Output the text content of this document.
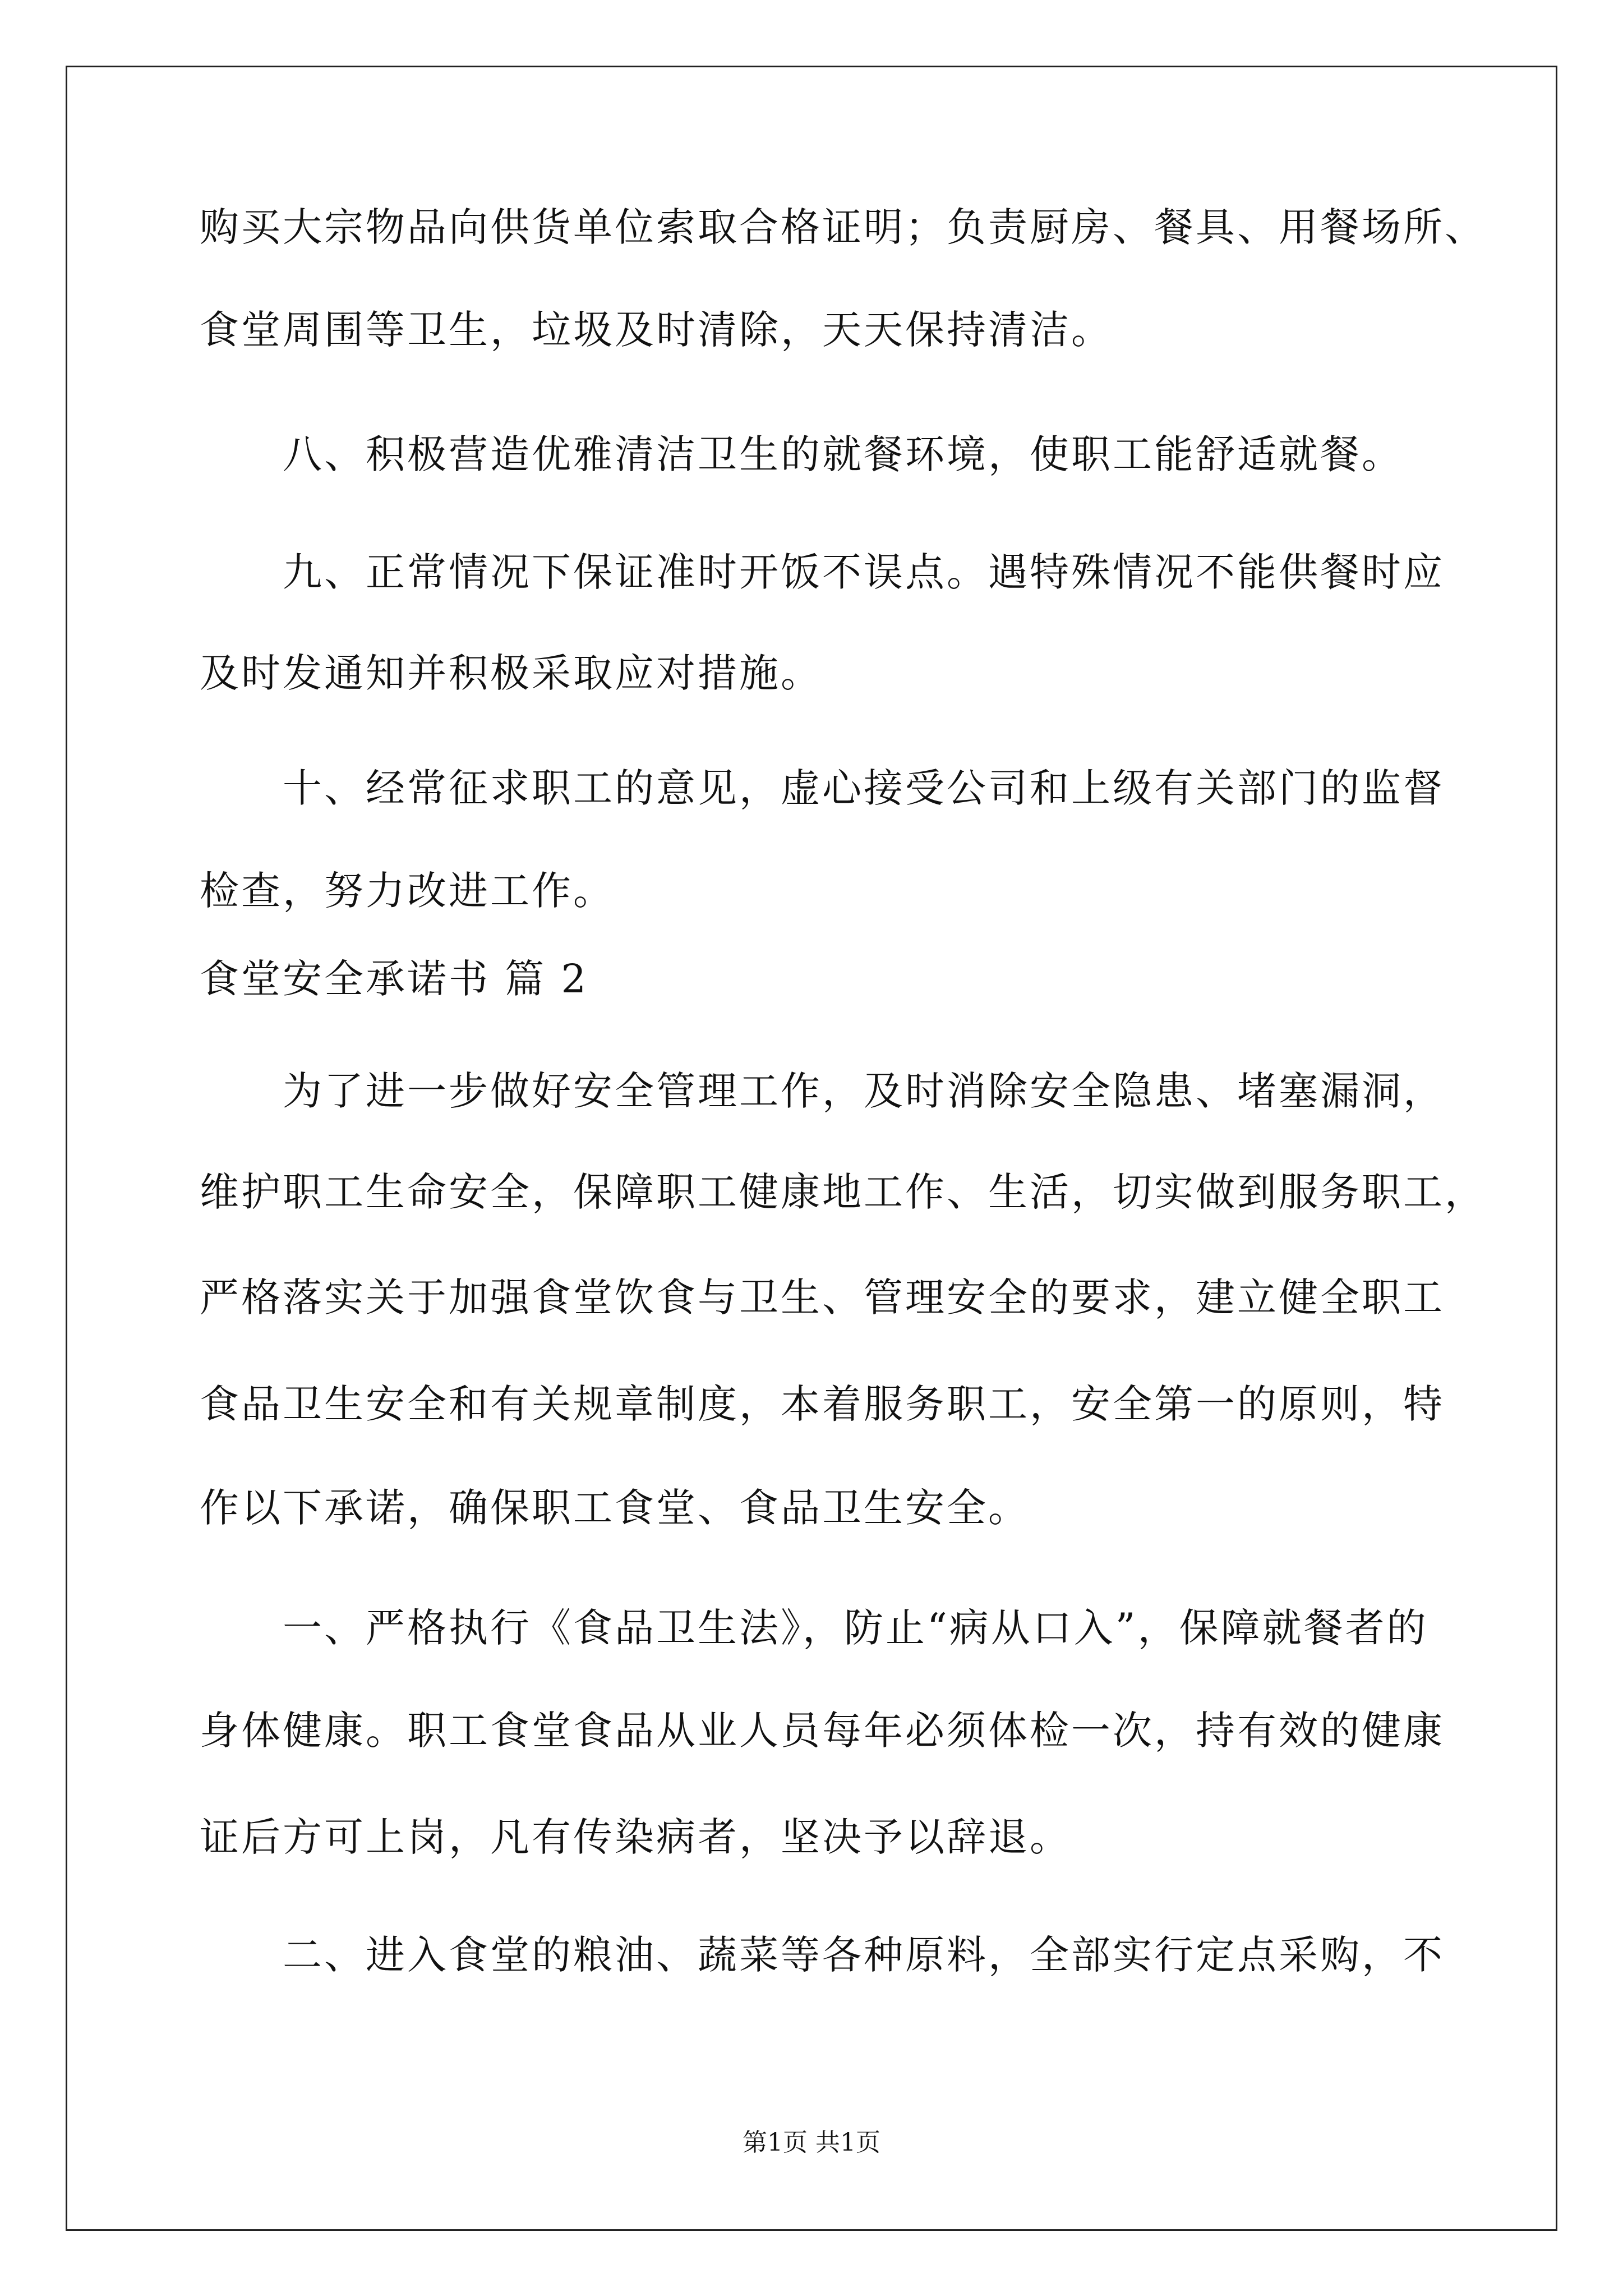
购买大宗物品向供货单位索取合格证明；负责厨房、餐具、用餐场所、
食堂周围等卫生，垃圾及时清除，天天保持清洁。
八、积极营造优雅清洁卫生的就餐环境，使职工能舒适就餐。
九、正常情况下保证准时开饭不误点。遇特殊情况不能供餐时应
及时发通知并积极采取应对措施。
十、经常征求职工的意见，虚心接受公司和上级有关部门的监督
检查，努力改进工作。
食堂安全承诺书 篇 2
为了进一步做好安全管理工作，及时消除安全隐患、堵塞漏洞，
维护职工生命安全，保障职工健康地工作、生活，切实做到服务职工，
严格落实关于加强食堂饮食与卫生、管理安全的要求，建立健全职工
食品卫生安全和有关规章制度，本着服务职工，安全第一的原则，特
作以下承诺，确保职工食堂、食品卫生安全。
一、严格执行《食品卫生法》，防止“病从口入”，保障就餐者的
身体健康。职工食堂食品从业人员每年必须体检一次，持有效的健康
证后方可上岗，凡有传染病者，坚决予以辞退。
二、进入食堂的粮油、蔬菜等各种原料，全部实行定点采购，不
第1页 共1页
